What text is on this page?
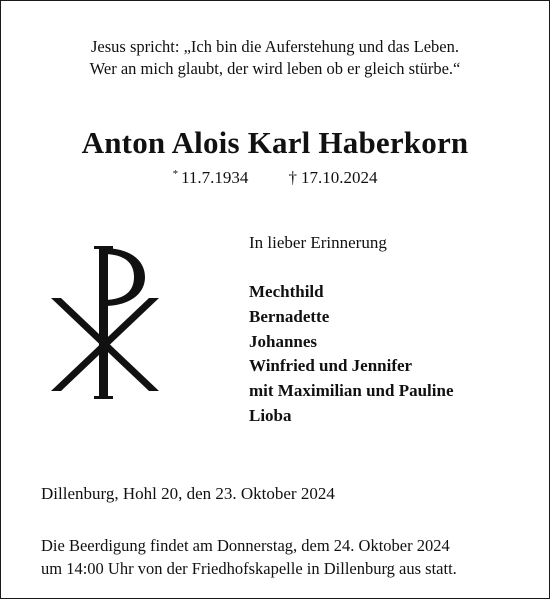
Jesus spricht: „Ich bin die Auferstehung und das Leben.
Wer an mich glaubt, der wird leben ob er gleich stürbe.“
Anton Alois Karl Haberkorn
* 11.7.1934 † 17.10.2024
In lieber Erinnerung
Mechthild
Bernadette
Johannes
Winfried und Jennifer
mit Maximilian und Pauline
Lioba
Dillenburg, Hohl 20, den 23. Oktober 2024
Die Beerdigung findet am Donnerstag, dem 24. Oktober 2024
um 14:00 Uhr von der Friedhofskapelle in Dillenburg aus statt.
